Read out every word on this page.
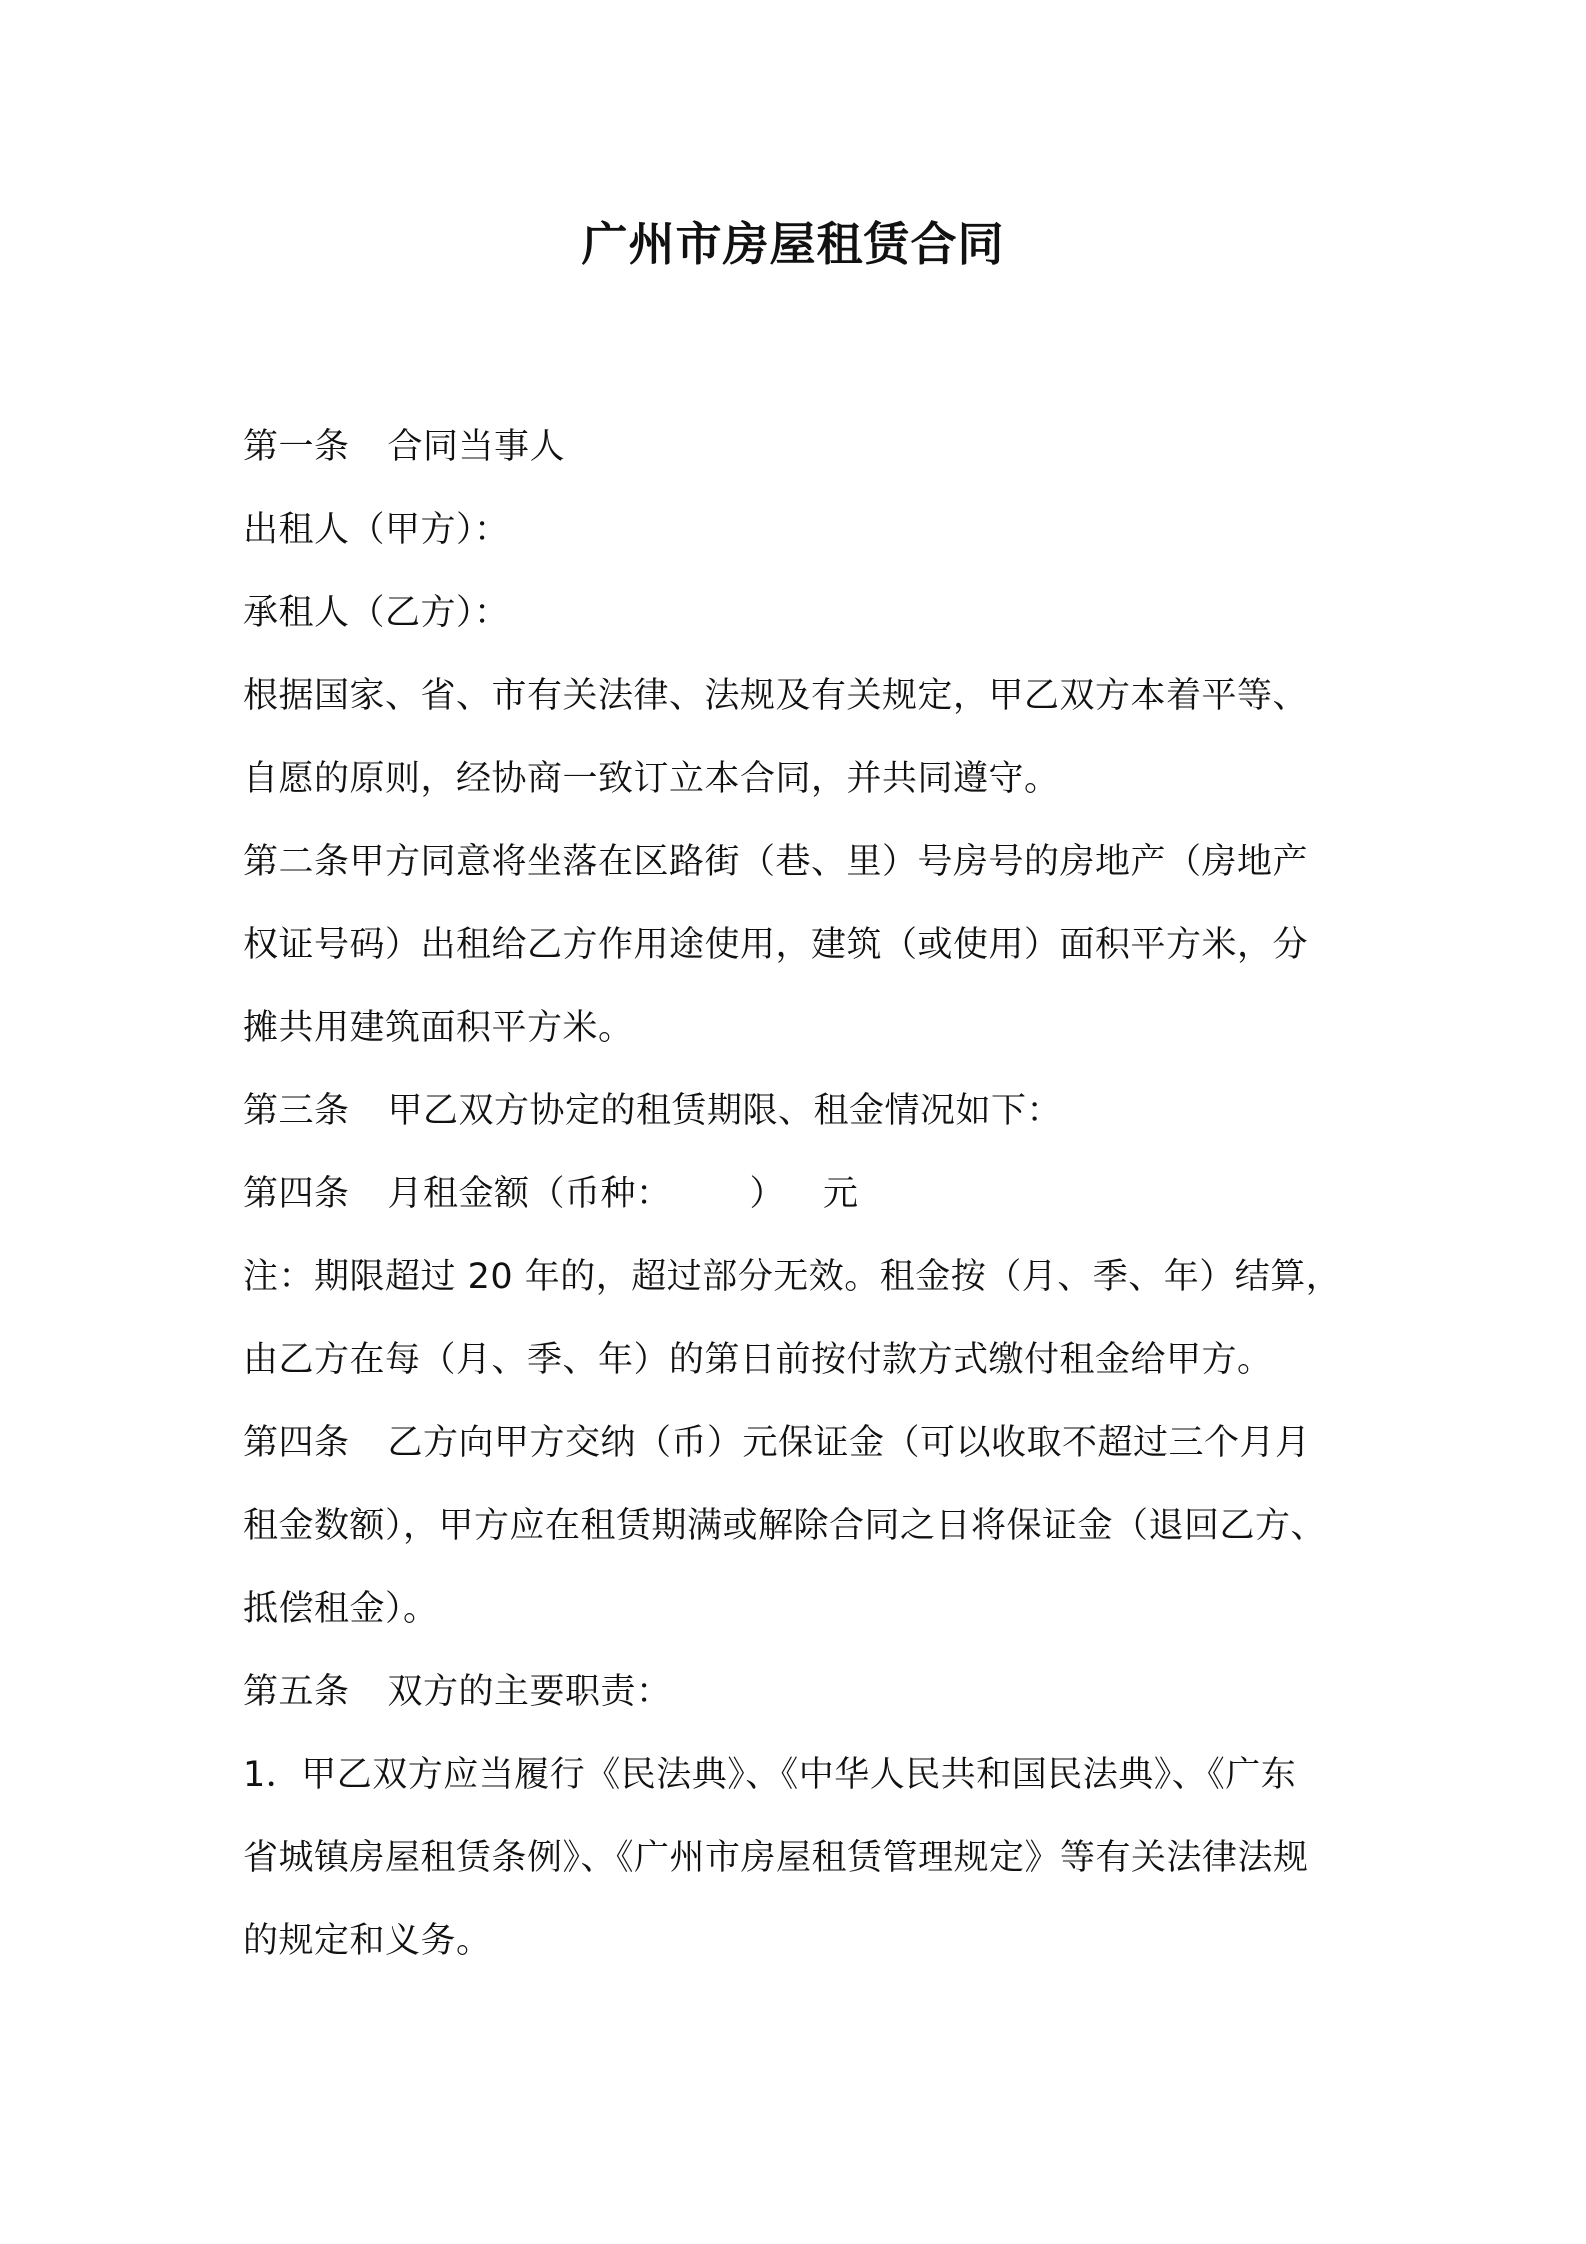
广州市房屋租赁合同
第一条 合同当事人
出租人（甲方）：
承租人（乙方）：
根据国家、省、市有关法律、法规及有关规定，甲乙双方本着平等、
自愿的原则，经协商一致订立本合同，并共同遵守。
第二条甲方同意将坐落在区路街（巷、里）号房号的房地产（房地产
权证号码）出租给乙方作用途使用，建筑（或使用）面积平方米，分
摊共用建筑面积平方米。
第三条 甲乙双方协定的租赁期限、租金情况如下：
第四条 月租金额（币种： ） 元
注：期限超过 20 年的，超过部分无效。租金按（月、季、年）结算，
由乙方在每（月、季、年）的第日前按付款方式缴付租金给甲方。
第四条 乙方向甲方交纳（币）元保证金（可以收取不超过三个月月
租金数额），甲方应在租赁期满或解除合同之日将保证金（退回乙方、
抵偿租金）。
第五条 双方的主要职责：
1．甲乙双方应当履行《民法典》、《中华人民共和国民法典》、《广东
省城镇房屋租赁条例》、《广州市房屋租赁管理规定》等有关法律法规
的规定和义务。
